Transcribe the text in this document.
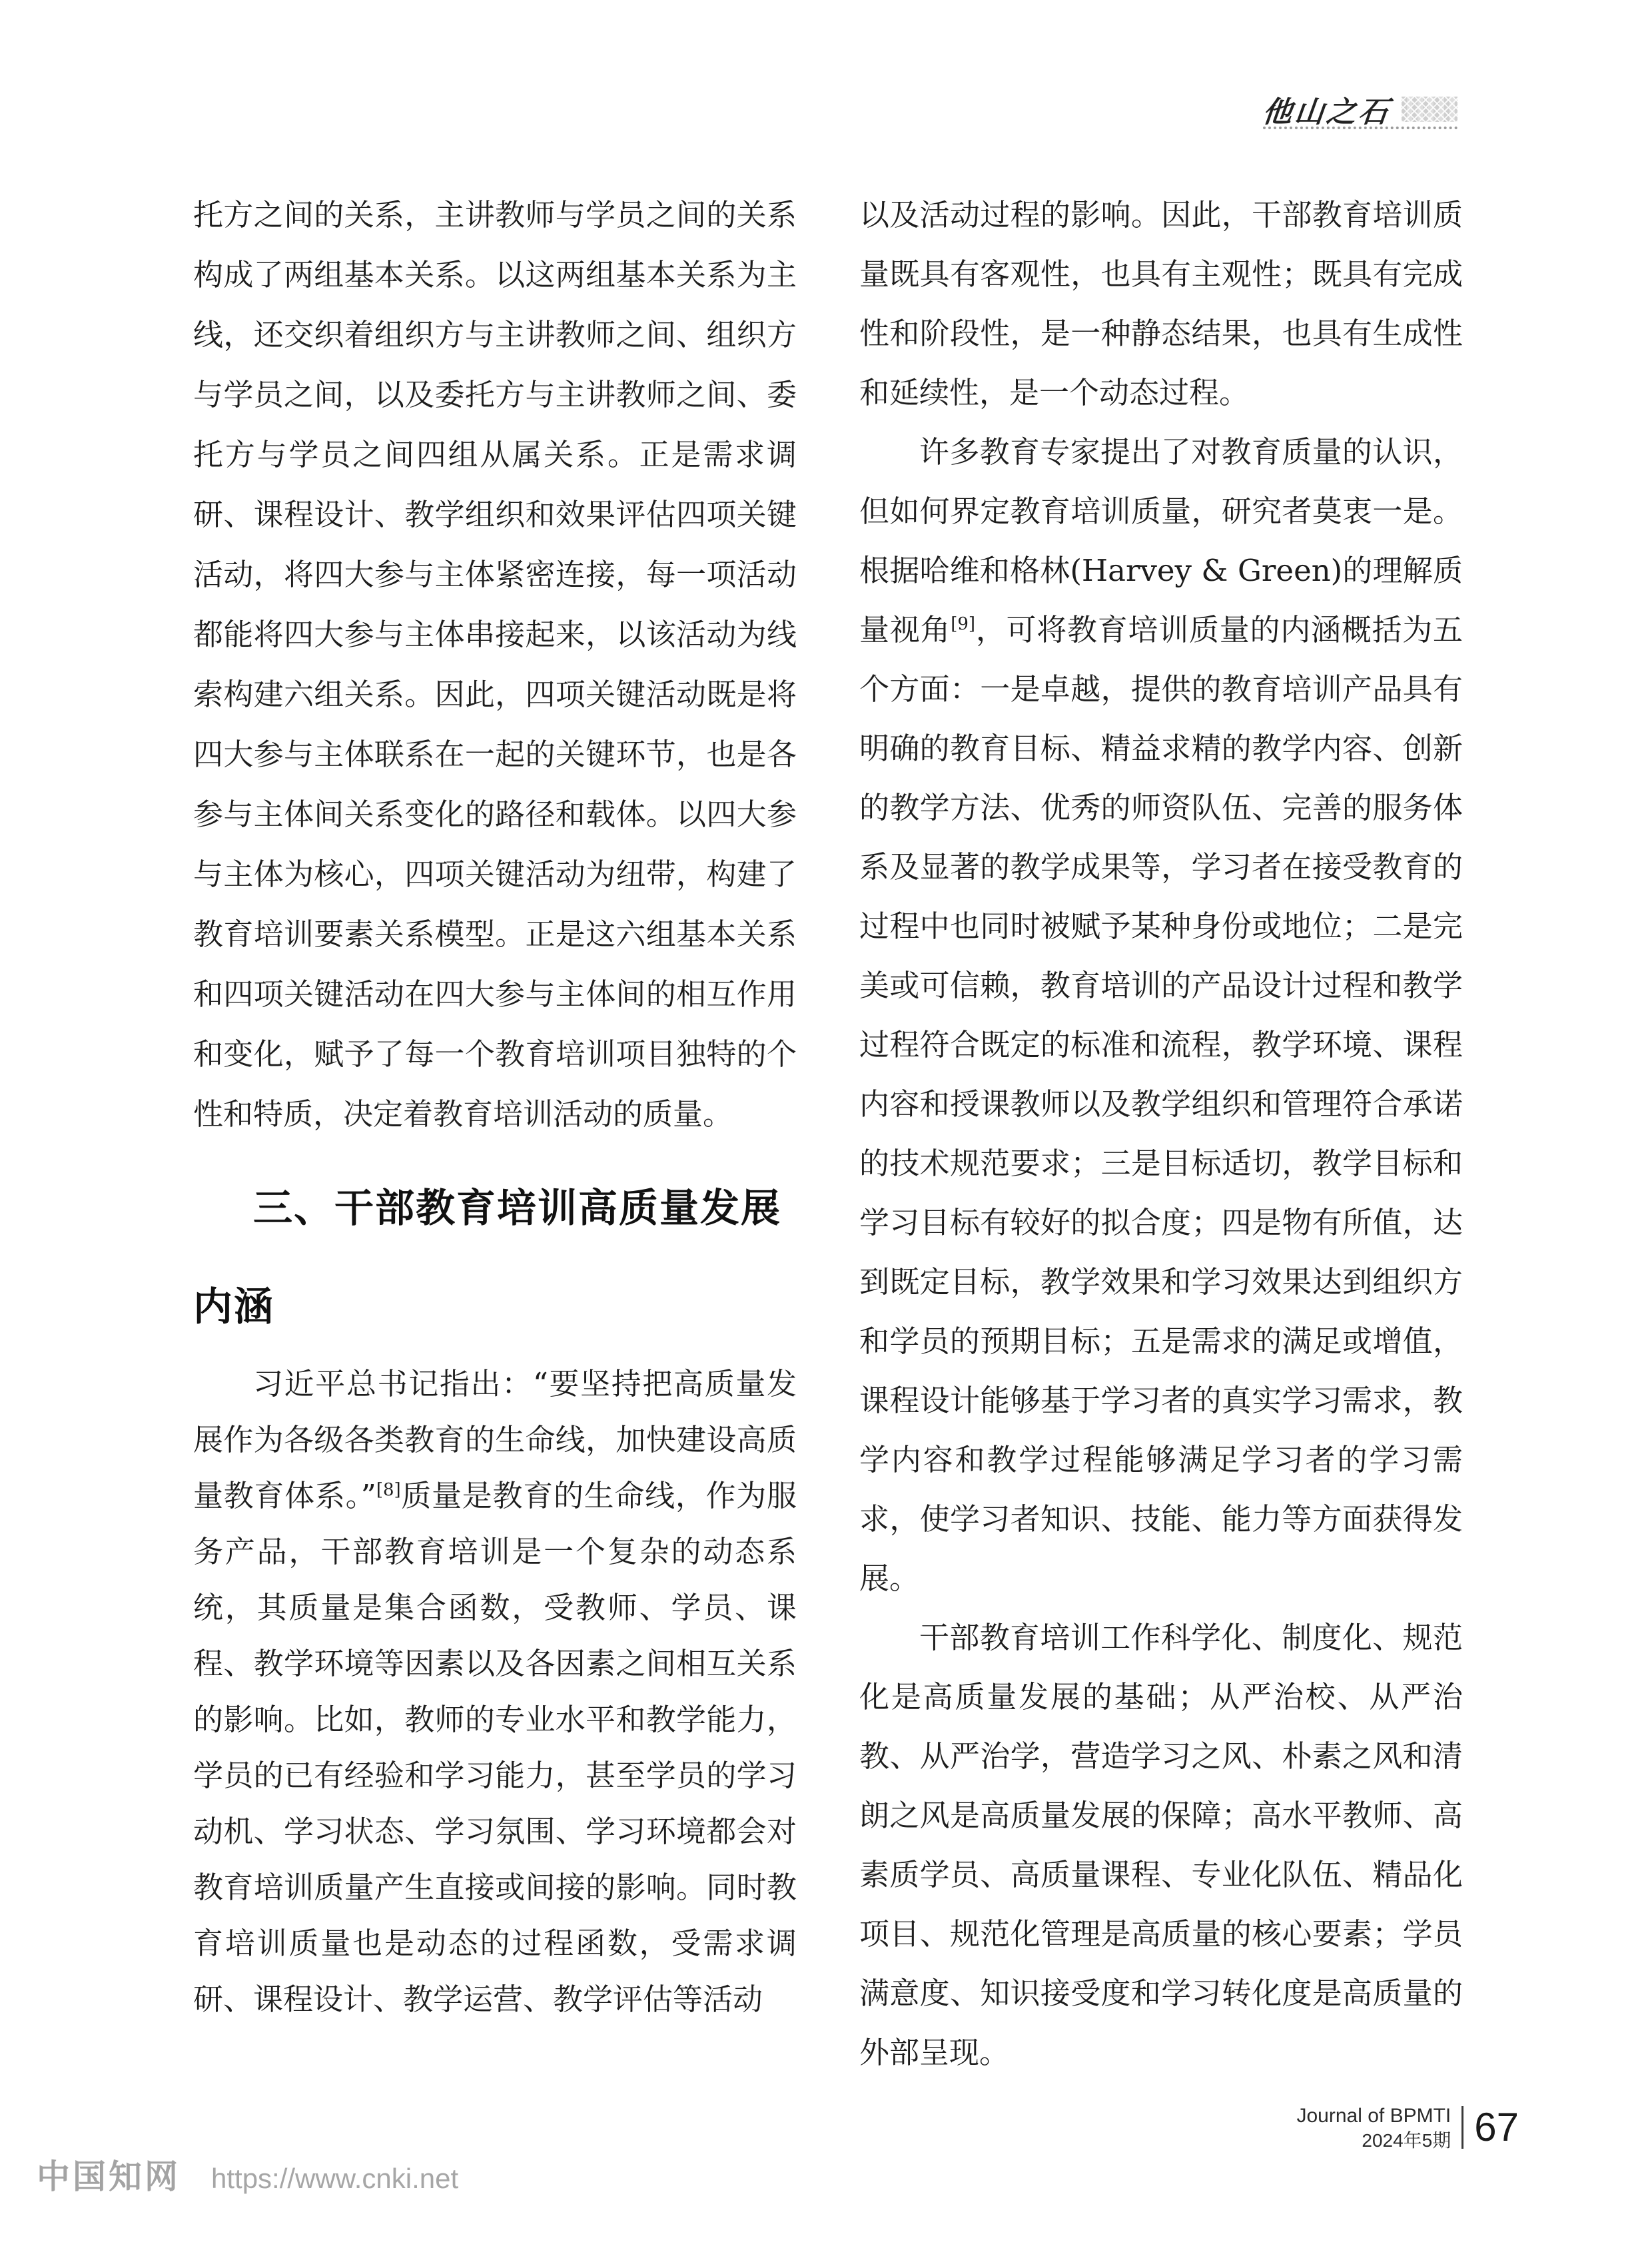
他山之石

托方之间的关系，主讲教师与学员之间的关系构成了两组基本关系。以这两组基本关系为主线，还交织着组织方与主讲教师之间、组织方与学员之间，以及委托方与主讲教师之间、委托方与学员之间四组从属关系。正是需求调研、课程设计、教学组织和效果评估四项关键活动，将四大参与主体紧密连接，每一项活动都能将四大参与主体串接起来，以该活动为线索构建六组关系。因此，四项关键活动既是将四大参与主体联系在一起的关键环节，也是各参与主体间关系变化的路径和载体。以四大参与主体为核心，四项关键活动为纽带，构建了教育培训要素关系模型。正是这六组基本关系和四项关键活动在四大参与主体间的相互作用和变化，赋予了每一个教育培训项目独特的个性和特质，决定着教育培训活动的质量。

三、干部教育培训高质量发展
内涵

习近平总书记指出：“要坚持把高质量发展作为各级各类教育的生命线，加快建设高质量教育体系。”[8]质量是教育的生命线，作为服务产品，干部教育培训是一个复杂的动态系统，其质量是集合函数，受教师、学员、课程、教学环境等因素以及各因素之间相互关系的影响。比如，教师的专业水平和教学能力，学员的已有经验和学习能力，甚至学员的学习动机、学习状态、学习氛围、学习环境都会对教育培训质量产生直接或间接的影响。同时教育培训质量也是动态的过程函数，受需求调研、课程设计、教学运营、教学评估等活动

以及活动过程的影响。因此，干部教育培训质量既具有客观性，也具有主观性；既具有完成性和阶段性，是一种静态结果，也具有生成性和延续性，是一个动态过程。

许多教育专家提出了对教育质量的认识，但如何界定教育培训质量，研究者莫衷一是。根据哈维和格林(Harvey & Green)的理解质量视角[9]，可将教育培训质量的内涵概括为五个方面：一是卓越，提供的教育培训产品具有明确的教育目标、精益求精的教学内容、创新的教学方法、优秀的师资队伍、完善的服务体系及显著的教学成果等，学习者在接受教育的过程中也同时被赋予某种身份或地位；二是完美或可信赖，教育培训的产品设计过程和教学过程符合既定的标准和流程，教学环境、课程内容和授课教师以及教学组织和管理符合承诺的技术规范要求；三是目标适切，教学目标和学习目标有较好的拟合度；四是物有所值，达到既定目标，教学效果和学习效果达到组织方和学员的预期目标；五是需求的满足或增值，课程设计能够基于学习者的真实学习需求，教学内容和教学过程能够满足学习者的学习需求，使学习者知识、技能、能力等方面获得发展。

干部教育培训工作科学化、制度化、规范化是高质量发展的基础；从严治校、从严治教、从严治学，营造学习之风、朴素之风和清朗之风是高质量发展的保障；高水平教师、高素质学员、高质量课程、专业化队伍、精品化项目、规范化管理是高质量的核心要素；学员满意度、知识接受度和学习转化度是高质量的外部呈现。

Journal of BPMTI
2024年5期 67
中国知网 https://www.cnki.net
